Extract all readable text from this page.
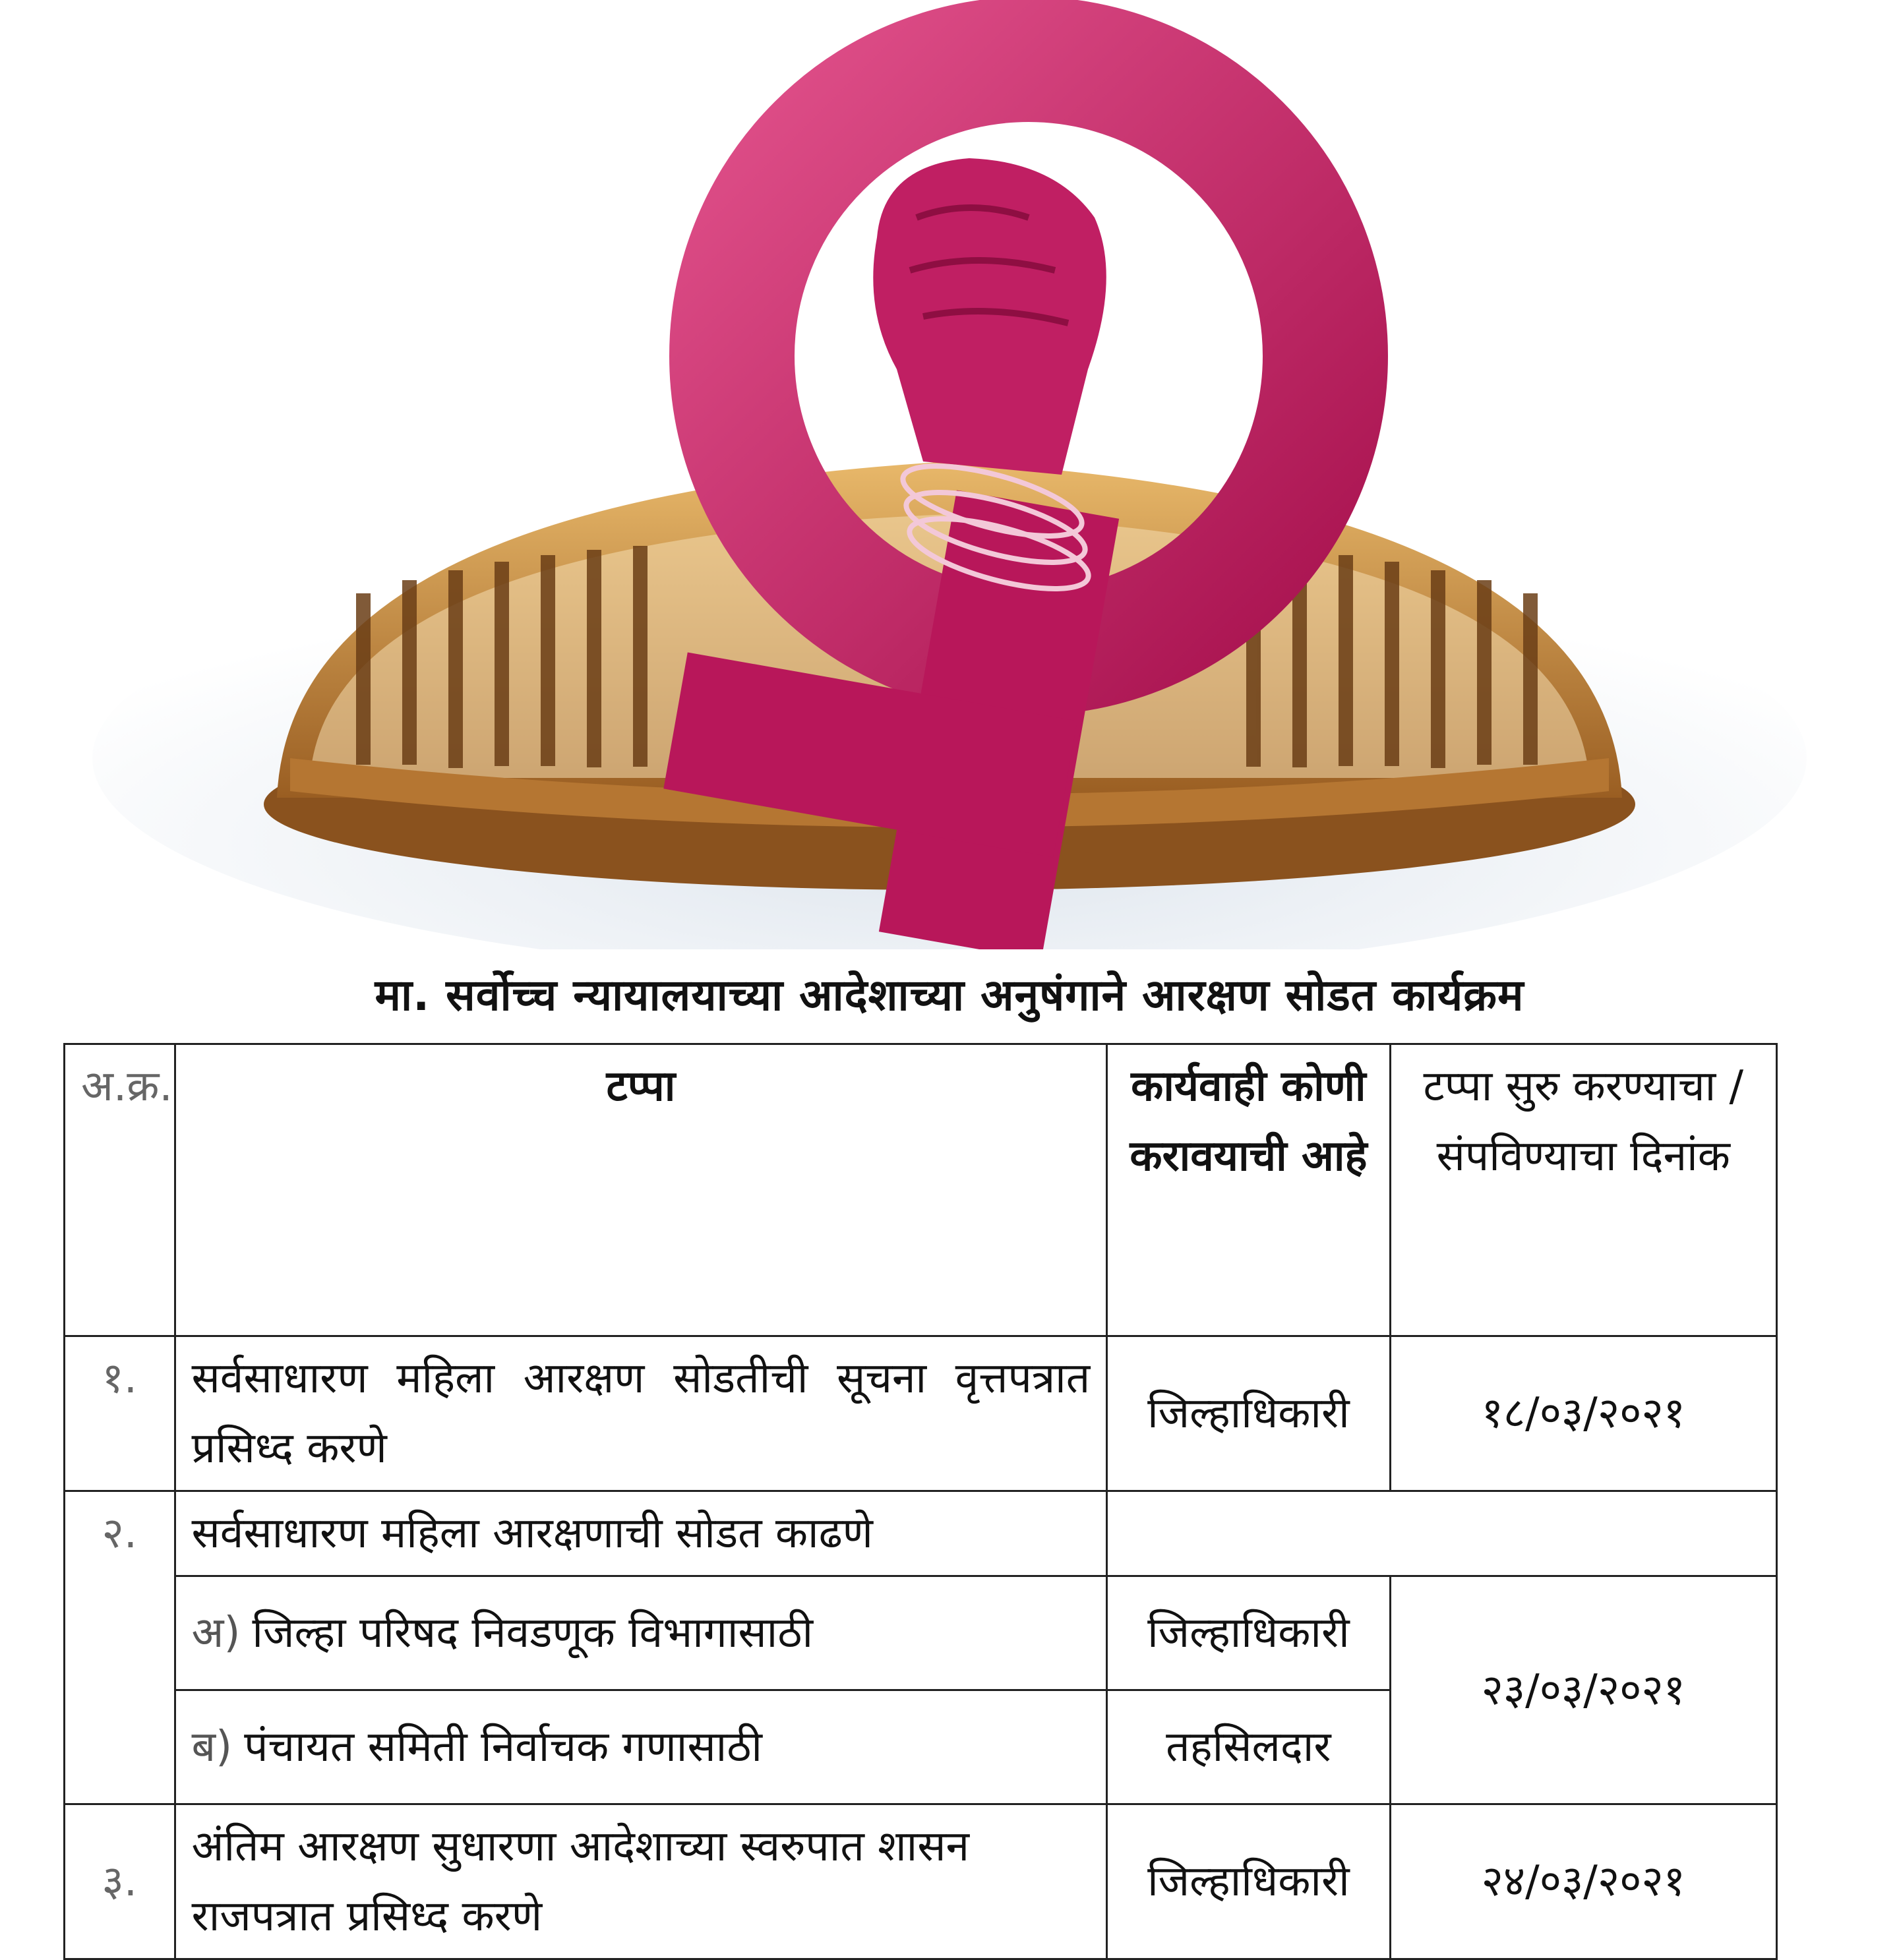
मा. सर्वोच्च न्यायालयाच्या आदेशाच्या अनुषंगाने आरक्षण सोडत कार्यक्रम
अ.क्र.	टप्पा	कार्यवाही कोणी करावयाची आहे	टप्पा सुरु करण्याचा / संपविण्याचा दिनांक
१.	सर्वसाधारण महिला आरक्षण सोडतीची सूचना वृत्तपत्रात प्रसिध्द करणे	जिल्हाधिकारी	१८/०३/२०२१
२.	सर्वसाधारण महिला आरक्षणाची सोडत काढणे		
	अ) जिल्हा परिषद निवडणूक विभागासाठी	जिल्हाधिकारी	२३/०३/२०२१
	ब) पंचायत समिती निर्वाचक गणासाठी	तहसिलदार	
३.	अंतिम आरक्षण सुधारणा आदेशाच्या स्वरुपात शासन राजपत्रात प्रसिध्द करणे	जिल्हाधिकारी	२४/०३/२०२१
